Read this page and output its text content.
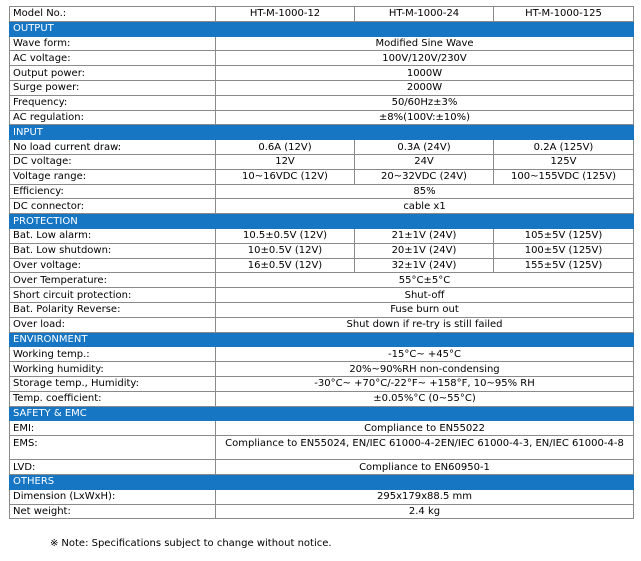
Model No.:	HT-M-1000-12	HT-M-1000-24	HT-M-1000-125
OUTPUT			
Wave form:	Modified Sine Wave		
AC voltage:	100V/120V/230V		
Output power:	1000W		
Surge power:	2000W		
Frequency:	50/60Hz±3%		
AC regulation:	±8%(100V:±10%)		
INPUT			
No load current draw:	0.6A (12V)	0.3A (24V)	0.2A (125V)
DC voltage:	12V	24V	125V
Voltage range:	10~16VDC (12V)	20~32VDC (24V)	100~155VDC (125V)
Efficiency:	85%		
DC connector:	cable x1		
PROTECTION			
Bat. Low alarm:	10.5±0.5V (12V)	21±1V (24V)	105±5V (125V)
Bat. Low shutdown:	10±0.5V (12V)	20±1V (24V)	100±5V (125V)
Over voltage:	16±0.5V (12V)	32±1V (24V)	155±5V (125V)
Over Temperature:	55°C±5°C		
Short circuit protection:	Shut-off		
Bat. Polarity Reverse:	Fuse burn out		
Over load:	Shut down if re-try is still failed		
ENVIRONMENT			
Working temp.:	-15°C~ +45°C		
Working humidity:	20%~90%RH non-condensing		
Storage temp., Humidity:	-30°C~ +70°C/-22°F~ +158°F, 10~95% RH		
Temp. coefficient:	±0.05%°C (0~55°C)		
SAFETY & EMC			
EMI:	Compliance to EN55022		
EMS:	Compliance to EN55024, EN/IEC 61000-4-2EN/IEC 61000-4-3, EN/IEC 61000-4-8		
LVD:	Compliance to EN60950-1		
OTHERS			
Dimension (LxWxH):	295x179x88.5 mm		
Net weight:	2.4 kg		
※ Note: Specifications subject to change without notice.
